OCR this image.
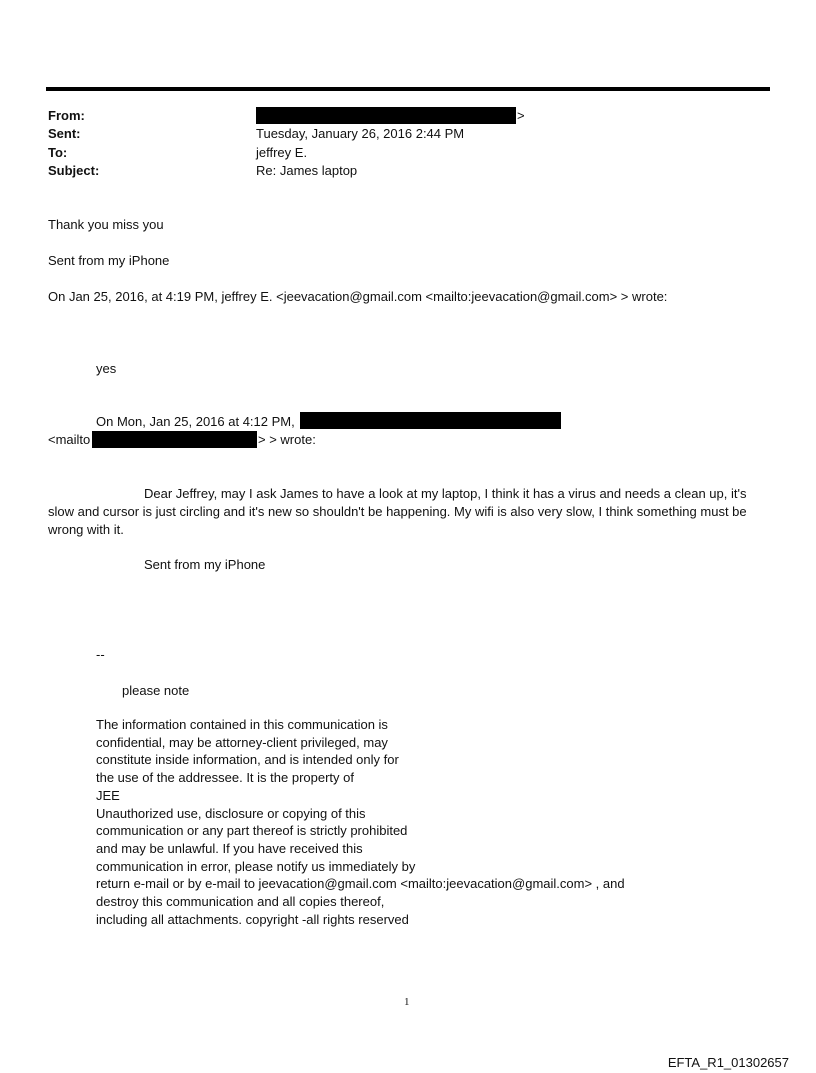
From:	>
Sent:	Tuesday, January 26, 2016 2:44 PM
To:	jeffrey E.
Subject:	Re: James laptop
Thank you miss you
Sent from my iPhone
On Jan 25, 2016, at 4:19 PM, jeffrey E. <jeevacation@gmail.com <mailto:jeevacation@gmail.com> > wrote:
yes
On Mon, Jan 25, 2016 at 4:12 PM,
<mailto	> > wrote:
Dear Jeffrey, may I ask James to have a look at my laptop, I think it has a virus and needs a clean up, it's slow and cursor is just circling and it's new so shouldn't be happening. My wifi is also very slow, I think something must be wrong with it.
Sent from my iPhone
--
please note
The information contained in this communication is
confidential, may be attorney-client privileged, may
constitute inside information, and is intended only for
the use of the addressee. It is the property of
JEE
Unauthorized use, disclosure or copying of this
communication or any part thereof is strictly prohibited
and may be unlawful. If you have received this
communication in error, please notify us immediately by
return e-mail or by e-mail to jeevacation@gmail.com <mailto:jeevacation@gmail.com> , and
destroy this communication and all copies thereof,
including all attachments. copyright -all rights reserved
1
EFTA_R1_01302657
